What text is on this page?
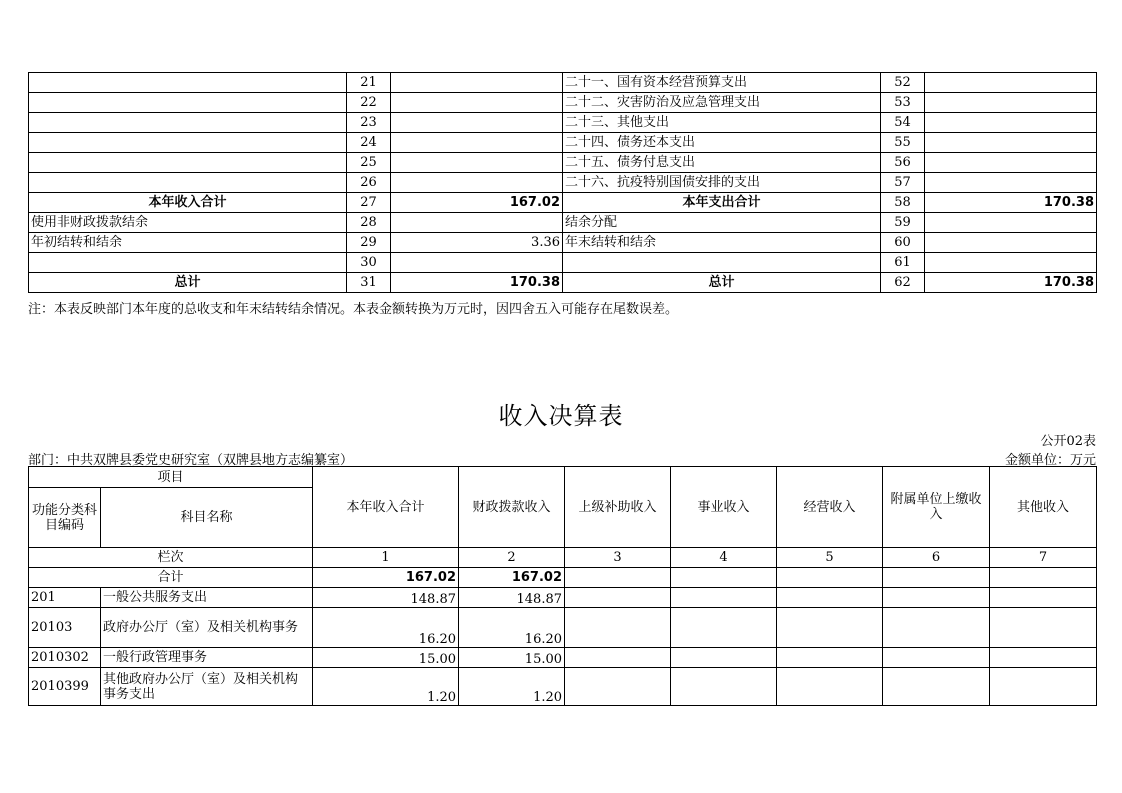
	21		二十一、国有资本经营预算支出	52	
	22		二十二、灾害防治及应急管理支出	53	
	23		二十三、其他支出	54	
	24		二十四、债务还本支出	55	
	25		二十五、债务付息支出	56	
	26		二十六、抗疫特别国债安排的支出	57	
本年收入合计	27	167.02	本年支出合计	58	170.38
使用非财政拨款结余	28		结余分配	59	
年初结转和结余	29	3.36	年末结转和结余	60	
	30			61	
总计	31	170.38	总计	62	170.38
注：本表反映部门本年度的总收支和年末结转结余情况。本表金额转换为万元时，因四舍五入可能存在尾数误差。
收入决算表
公开02表
部门：中共双牌县委党史研究室（双牌县地方志编纂室）	金额单位：万元
项目		本年收入合计	财政拨款收入	上级补助收入	事业收入	经营收入	附属单位上缴收入	其他收入
功能分类科目编码	科目名称							
栏次		1	2	3	4	5	6	7
合计		167.02	167.02					
201	一般公共服务支出	148.87	148.87					
20103	政府办公厅（室）及相关机构事务	16.20	16.20					
2010302	一般行政管理事务	15.00	15.00					
2010399	其他政府办公厅（室）及相关机构事务支出	1.20	1.20					
